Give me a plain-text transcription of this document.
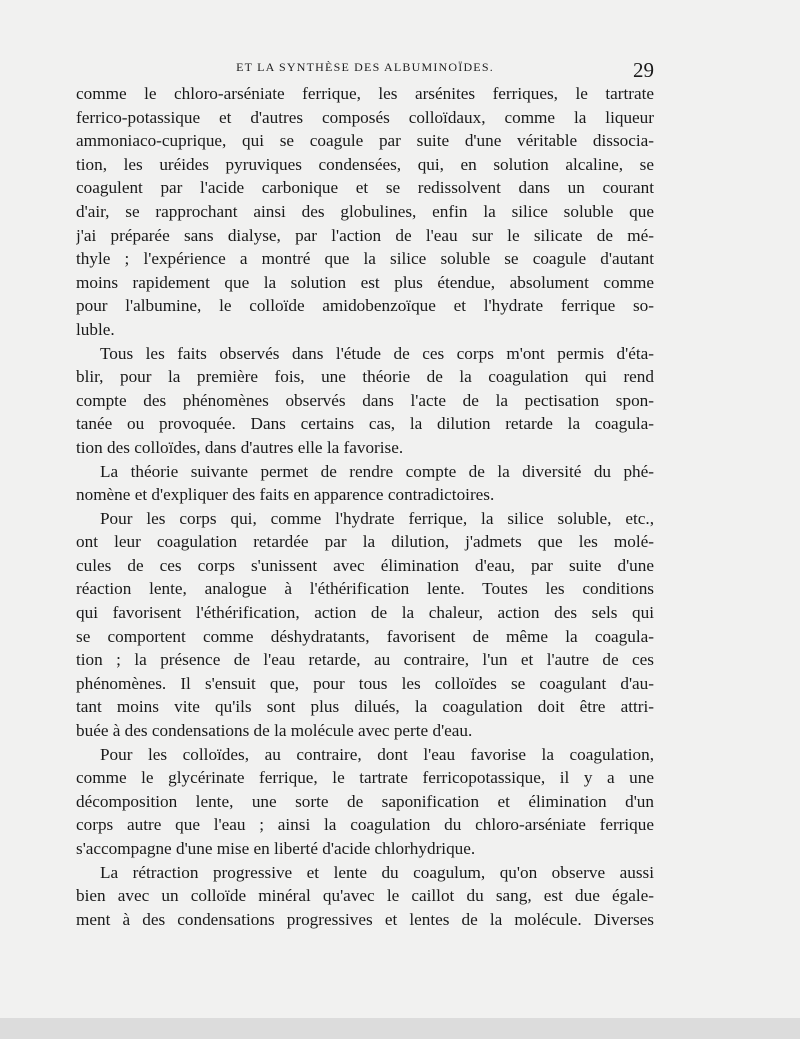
ET LA SYNTHÈSE DES ALBUMINOÏDES.	29
comme le chloro-arséniate ferrique, les arsénites ferriques, le tartrate
ferrico-potassique et d'autres composés colloïdaux, comme la liqueur
ammoniaco-cuprique, qui se coagule par suite d'une véritable dissocia-
tion, les uréides pyruviques condensées, qui, en solution alcaline, se
coagulent par l'acide carbonique et se redissolvent dans un courant
d'air, se rapprochant ainsi des globulines, enfin la silice soluble que
j'ai préparée sans dialyse, par l'action de l'eau sur le silicate de mé-
thyle ; l'expérience a montré que la silice soluble se coagule d'autant
moins rapidement que la solution est plus étendue, absolument comme
pour l'albumine, le colloïde amidobenzoïque et l'hydrate ferrique so-
luble.
Tous les faits observés dans l'étude de ces corps m'ont permis d'éta-
blir, pour la première fois, une théorie de la coagulation qui rend
compte des phénomènes observés dans l'acte de la pectisation spon-
tanée ou provoquée. Dans certains cas, la dilution retarde la coagula-
tion des colloïdes, dans d'autres elle la favorise.
La théorie suivante permet de rendre compte de la diversité du phé-
nomène et d'expliquer des faits en apparence contradictoires.
Pour les corps qui, comme l'hydrate ferrique, la silice soluble, etc.,
ont leur coagulation retardée par la dilution, j'admets que les molé-
cules de ces corps s'unissent avec élimination d'eau, par suite d'une
réaction lente, analogue à l'éthérification lente. Toutes les conditions
qui favorisent l'éthérification, action de la chaleur, action des sels qui
se comportent comme déshydratants, favorisent de même la coagula-
tion ; la présence de l'eau retarde, au contraire, l'un et l'autre de ces
phénomènes. Il s'ensuit que, pour tous les colloïdes se coagulant d'au-
tant moins vite qu'ils sont plus dilués, la coagulation doit être attri-
buée à des condensations de la molécule avec perte d'eau.
Pour les colloïdes, au contraire, dont l'eau favorise la coagulation,
comme le glycérinate ferrique, le tartrate ferricopotassique, il y a une
décomposition lente, une sorte de saponification et élimination d'un
corps autre que l'eau ; ainsi la coagulation du chloro-arséniate ferrique
s'accompagne d'une mise en liberté d'acide chlorhydrique.
La rétraction progressive et lente du coagulum, qu'on observe aussi
bien avec un colloïde minéral qu'avec le caillot du sang, est due égale-
ment à des condensations progressives et lentes de la molécule. Diverses
